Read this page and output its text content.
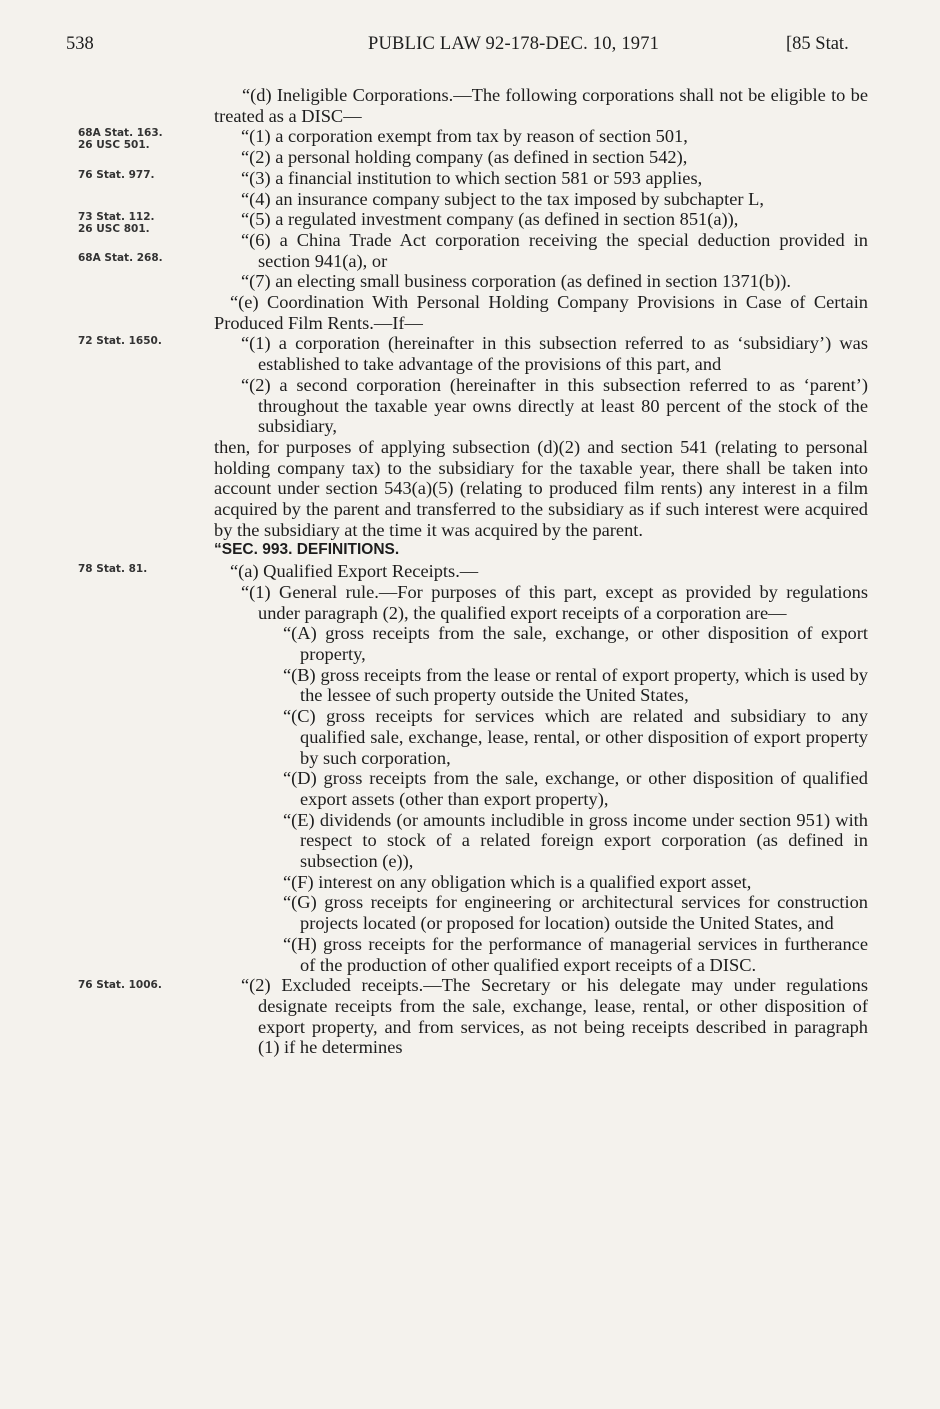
538	PUBLIC LAW 92-178-DEC. 10, 1971	[85 Stat.
68A Stat. 163.
26 USC 501.
76 Stat. 977.
73 Stat. 112.
26 USC 801.
68A Stat. 268.
72 Stat. 1650.
78 Stat. 81.
76 Stat. 1006.

“(d) Ineligible Corporations.—The following corporations shall not be eligible to be treated as a DISC—

“(1) a corporation exempt from tax by reason of section 501,

“(2) a personal holding company (as defined in section 542),

“(3) a financial institution to which section 581 or 593 applies,

“(4) an insurance company subject to the tax imposed by subchapter L,

“(5) a regulated investment company (as defined in section 851(a)),

“(6) a China Trade Act corporation receiving the special deduction provided in section 941(a), or

“(7) an electing small business corporation (as defined in section 1371(b)).

“(e) Coordination With Personal Holding Company Provisions in Case of Certain Produced Film Rents.—If—

“(1) a corporation (hereinafter in this subsection referred to as ‘subsidiary’) was established to take advantage of the provisions of this part, and

“(2) a second corporation (hereinafter in this subsection referred to as ‘parent’) throughout the taxable year owns directly at least 80 percent of the stock of the subsidiary,

then, for purposes of applying subsection (d)(2) and section 541 (relating to personal holding company tax) to the subsidiary for the taxable year, there shall be taken into account under section 543(a)(5) (relating to produced film rents) any interest in a film acquired by the parent and transferred to the subsidiary as if such interest were acquired by the subsidiary at the time it was acquired by the parent.

“SEC. 993. DEFINITIONS.

“(a) Qualified Export Receipts.—

“(1) General rule.—For purposes of this part, except as provided by regulations under paragraph (2), the qualified export receipts of a corporation are—

“(A) gross receipts from the sale, exchange, or other disposition of export property,

“(B) gross receipts from the lease or rental of export property, which is used by the lessee of such property outside the United States,

“(C) gross receipts for services which are related and subsidiary to any qualified sale, exchange, lease, rental, or other disposition of export property by such corporation,

“(D) gross receipts from the sale, exchange, or other disposition of qualified export assets (other than export property),

“(E) dividends (or amounts includible in gross income under section 951) with respect to stock of a related foreign export corporation (as defined in subsection (e)),

“(F) interest on any obligation which is a qualified export asset,

“(G) gross receipts for engineering or architectural services for construction projects located (or proposed for location) outside the United States, and

“(H) gross receipts for the performance of managerial services in furtherance of the production of other qualified export receipts of a DISC.

“(2) Excluded receipts.—The Secretary or his delegate may under regulations designate receipts from the sale, exchange, lease, rental, or other disposition of export property, and from services, as not being receipts described in paragraph (1) if he determines
